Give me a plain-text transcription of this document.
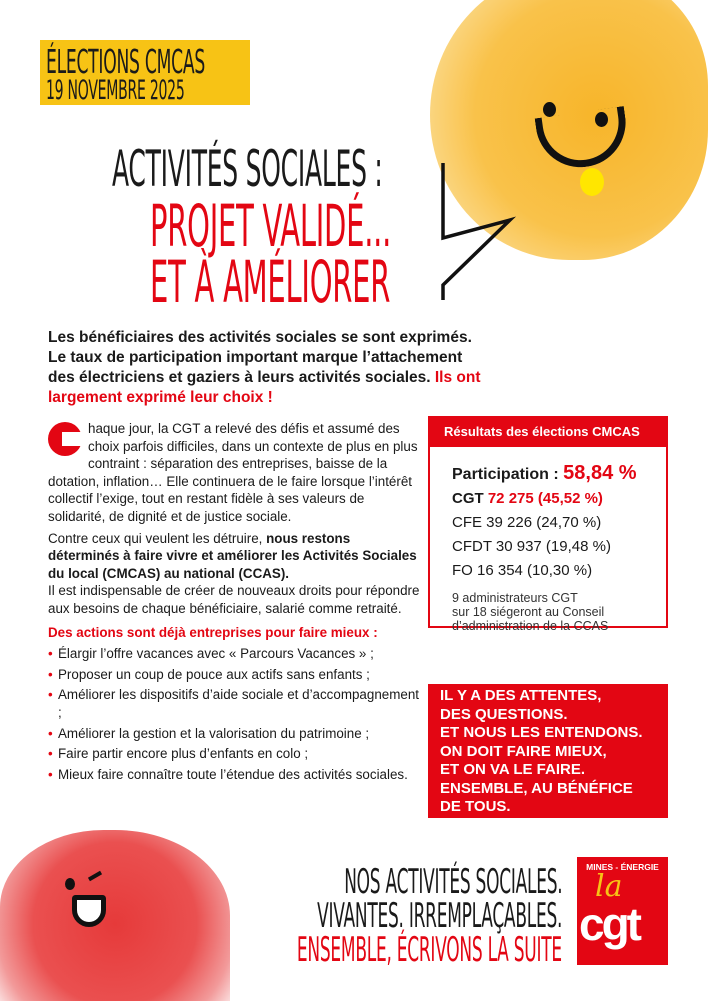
ÉLECTIONS CMCAS
19 NOVEMBRE 2025
ACTIVITÉS SOCIALES :
PROJET VALIDÉ...
ET À AMÉLIORER
Les bénéficiaires des activités sociales se sont exprimés. Le taux de participation important marque l’attachement des électriciens et gaziers à leurs activités sociales. Ils ont largement exprimé leur choix !

haque jour, la CGT a relevé des défis et assumé des choix parfois difficiles, dans un contexte de plus en plus contraint : séparation des entreprises, baisse de la dotation, inflation… Elle continuera de le faire lorsque l’intérêt collectif l’exige, tout en restant fidèle à ses valeurs de solidarité, de dignité et de justice sociale.

Contre ceux qui veulent les détruire, nous restons déterminés à faire vivre et améliorer les Activités Sociales du local (CMCAS) au national (CCAS).
Il est indispensable de créer de nouveaux droits pour répondre aux besoins de chaque bénéficiaire, salarié comme retraité.

Des actions sont déjà entreprises pour faire mieux :

• Élargir l’offre vacances avec « Parcours Vacances » ;
• Proposer un coup de pouce aux actifs sans enfants ;
• Améliorer les dispositifs d’aide sociale et d’accompagnement ;
• Améliorer la gestion et la valorisation du patrimoine ;
• Faire partir encore plus d’enfants en colo ;
• Mieux faire connaître toute l’étendue des activités sociales.
Résultats des élections CMCAS
Participation : 58,84 %
CGT 72 275 (45,52 %)
CFE 39 226 (24,70 %)
CFDT 30 937 (19,48 %)
FO 16 354 (10,30 %)
9 administrateurs CGT
sur 18 siégeront au Conseil
d’administration de la CCAS
IL Y A DES ATTENTES,
DES QUESTIONS.
ET NOUS LES ENTENDONS.
ON DOIT FAIRE MIEUX,
ET ON VA LE FAIRE.
ENSEMBLE, AU BÉNÉFICE
DE TOUS.
NOS ACTIVITÉS SOCIALES.
VIVANTES. IRREMPLAÇABLES.
ENSEMBLE, ÉCRIVONS LA SUITE
MINES - ÉNERGIE
la
cgt
